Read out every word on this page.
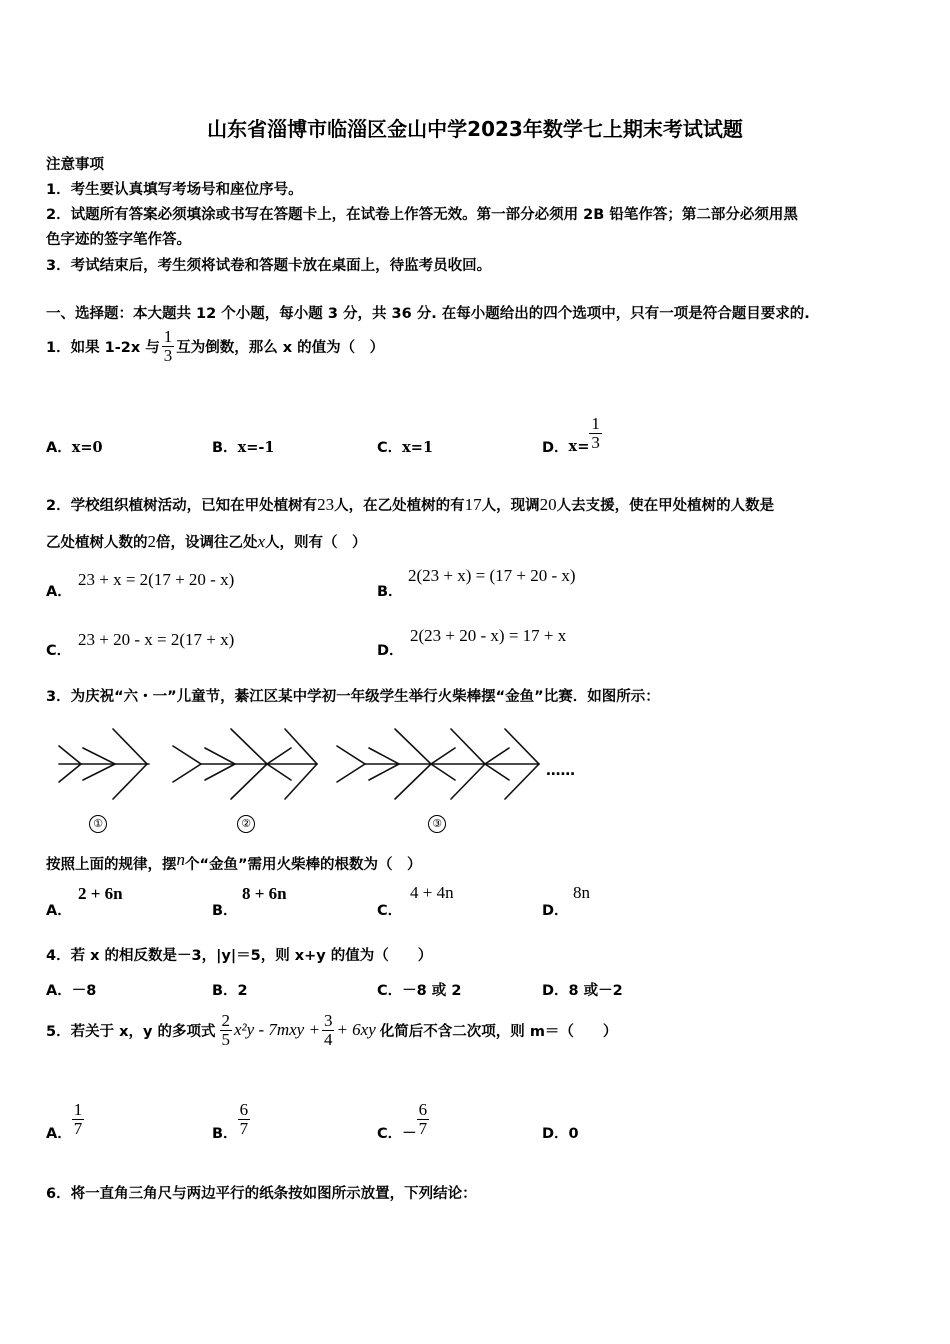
山东省淄博市临淄区金山中学2023年数学七上期末考试试题
注意事项
1．考生要认真填写考场号和座位序号。
2．试题所有答案必须填涂或书写在答题卡上，在试卷上作答无效。第一部分必须用 2B 铅笔作答；第二部分必须用黑
色字迹的签字笔作答。
3．考试结束后，考生须将试卷和答题卡放在桌面上，待监考员收回。
一、选择题：本大题共 12 个小题，每小题 3 分，共 36 分. 在每小题给出的四个选项中，只有一项是符合题目要求的.
1．如果 1-2x 与 $\frac{1}{3}$ 互为倒数，那么 x 的值为（　）
A．x=0	B．x=-1	C．x=1	D． $x= \frac{1}{3}$
2．学校组织植树活动，已知在甲处植树有23人，在乙处植树的有17人，现调20人去支援，使在甲处植树的人数是
乙处植树人数的2倍，设调往乙处x人，则有（　）
A．
23 + x = 2(17 + 20 - x)
B．
2(23 + x) = (17 + 20 - x)
C．
23 + 20 - x = 2(17 + x)
D．
2(23 + 20 - x) = 17 + x
3．为庆祝“六・一”儿童节，綦江区某中学初一年级学生举行火柴棒摆“金鱼”比赛．如图所示：
……
①	②	③
按照上面的规律，摆n个“金鱼”需用火柴棒的根数为（　）
A．
2 + 6n
B．
8 + 6n
C．
4 + 4n
D．
8n
4．若 x 的相反数是－3，|y|＝5，则 x+y 的值为（　　）
A．－8	B．2	C．－8 或 2	D．8 或－2
5．若关于 x，y 的多项式 $\frac{2}{5} x^2y - 7mxy + \frac{3}{4} + 6xy$ 化简后不含二次项，则 m＝（　　）
A． $\frac{1}{7}$	B． $\frac{6}{7}$	C．－ $\frac{6}{7}$	D．0
6．将一直角三角尺与两边平行的纸条按如图所示放置，下列结论：
